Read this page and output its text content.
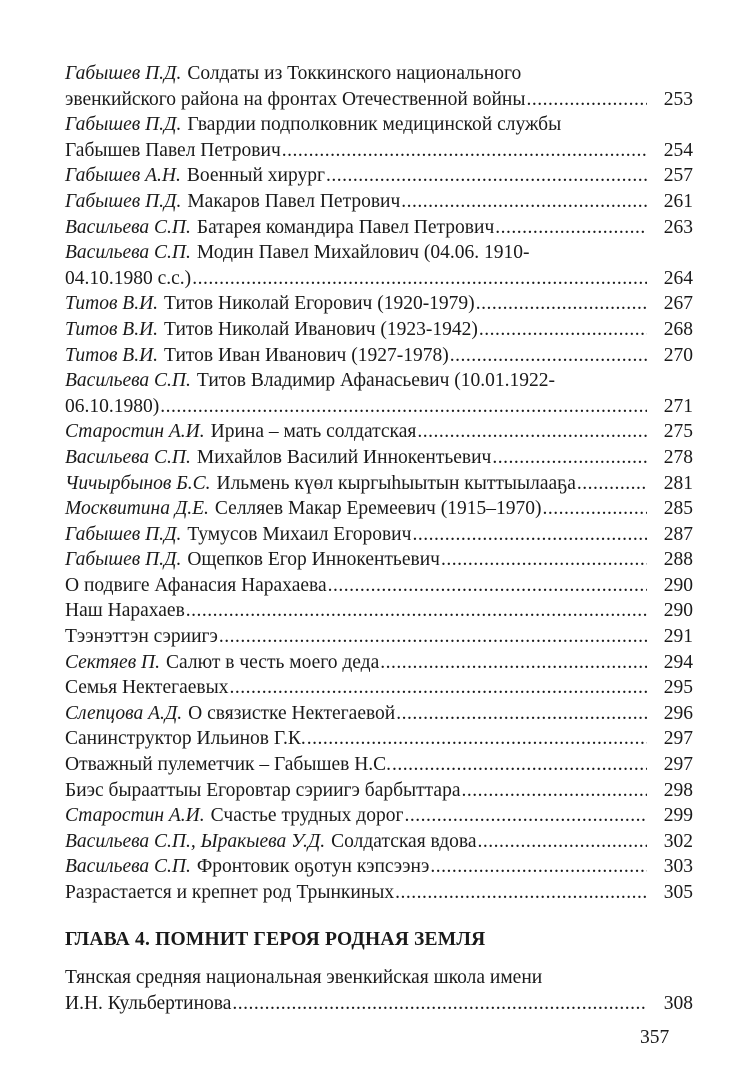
Габышев П.Д. Солдаты из Токкинского национального
эвенкийского района на фронтах Отечественной войны .....	253
Габышев П.Д. Гвардии подполковник медицинской службы
Габышев Павел Петрович .....	254
Габышев А.Н. Военный хирург .....	257
Габышев П.Д. Макаров Павел Петрович .....	261
Васильева С.П. Батарея командира Павел Петрович .....	263
Васильева С.П. Модин Павел Михайлович (04.06. 1910-
04.10.1980 с.с.) .....	264
Титов В.И. Титов Николай Егорович (1920-1979) .....	267
Титов В.И. Титов Николай Иванович (1923-1942) .....	268
Титов В.И. Титов Иван Иванович (1927-1978) .....	270
Васильева С.П. Титов Владимир Афанасьевич (10.01.1922-
06.10.1980) .....	271
Старостин А.И. Ирина – мать солдатская .....	275
Васильева С.П. Михайлов Василий Иннокентьевич .....	278
Чичырбынов Б.С. Ильмень күөл кыргыһыытын кыттыылааҕа .....	281
Москвитина Д.Е. Селляев Макар Еремеевич (1915–1970) .....	285
Габышев П.Д. Тумусов Михаил Егорович .....	287
Габышев П.Д. Ощепков Егор Иннокентьевич .....	288
О подвиге Афанасия Нарахаева .....	290
Наш Нарахаев .....	290
Тээнэттэн сэриигэ .....	291
Сектяев П. Салют в честь моего деда .....	294
Семья Нектегаевых .....	295
Слепцова А.Д. О связистке Нектегаевой .....	296
Санинструктор Ильинов Г.К. .....	297
Отважный пулеметчик – Габышев Н.С. .....	297
Биэс бырааттыы Егоровтар сэриигэ барбыттара .....	298
Старостин А.И. Счастье трудных дорог .....	299
Васильева С.П., Ыракыева У.Д. Солдатская вдова .....	302
Васильева С.П. Фронтовик оҕотун кэпсээнэ .....	303
Разрастается и крепнет род Трынкиных .....	305
ГЛАВА 4. ПОМНИТ ГЕРОЯ РОДНАЯ ЗЕМЛЯ
Тянская средняя национальная эвенкийская школа имени
И.Н. Кульбертинова .....	308
357
